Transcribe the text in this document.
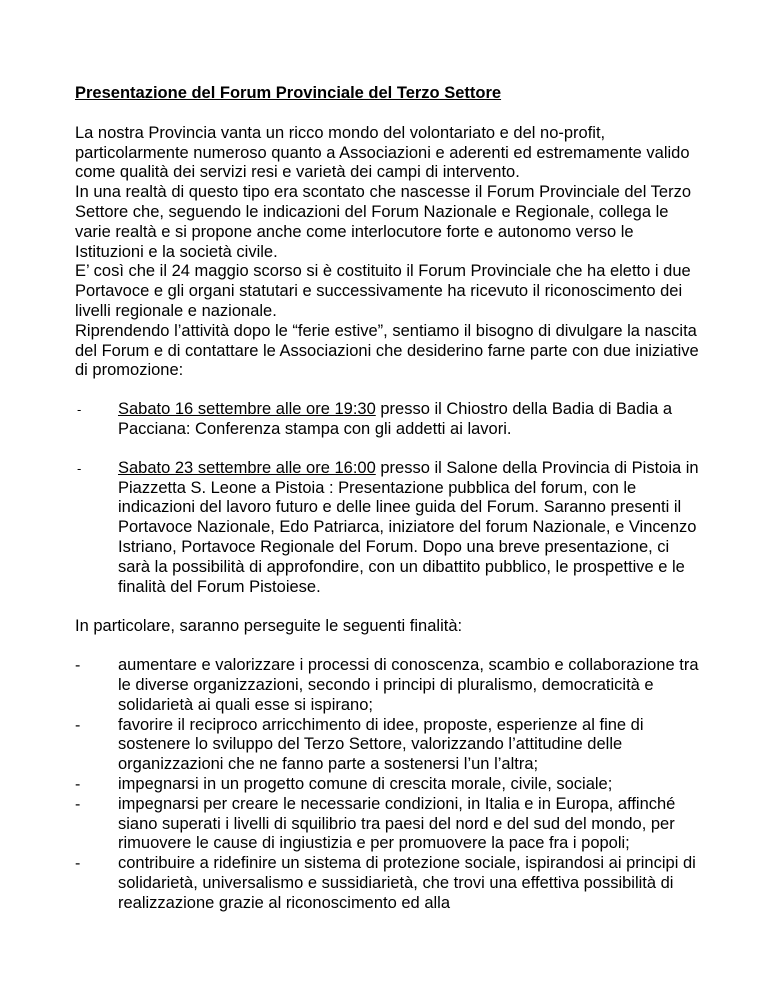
Presentazione del Forum Provinciale del Terzo Settore

La nostra Provincia vanta un ricco mondo del volontariato e del no-profit, particolarmente numeroso quanto a Associazioni e aderenti ed estremamente valido come qualità dei servizi resi e varietà dei campi di intervento.

In una realtà di questo tipo era scontato che nascesse il Forum Provinciale del Terzo Settore che, seguendo le indicazioni del Forum Nazionale e Regionale, collega le varie realtà e si propone anche come interlocutore forte e autonomo verso le Istituzioni e la società civile.

E’ così che il 24 maggio scorso si è costituito il Forum Provinciale che ha eletto i due Portavoce e gli organi statutari e successivamente ha ricevuto il riconoscimento dei livelli regionale e nazionale.

Riprendendo l’attività dopo le “ferie estive”, sentiamo il bisogno di divulgare la nascita del Forum e di contattare le Associazioni che desiderino farne parte con due iniziative di promozione:

- Sabato 16 settembre alle ore 19:30 presso il Chiostro della Badia di Badia a Pacciana: Conferenza stampa con gli addetti ai lavori.
- Sabato 23 settembre alle ore 16:00 presso il Salone della Provincia di Pistoia in Piazzetta S. Leone a Pistoia : Presentazione pubblica del forum, con le indicazioni del lavoro futuro e delle linee guida del Forum. Saranno presenti il Portavoce Nazionale, Edo Patriarca, iniziatore del forum Nazionale, e Vincenzo Istriano, Portavoce Regionale del Forum. Dopo una breve presentazione, ci sarà la possibilità di approfondire, con un dibattito pubblico, le prospettive e le finalità del Forum Pistoiese.

In particolare, saranno perseguite le seguenti finalità:

- aumentare e valorizzare i processi di conoscenza, scambio e collaborazione tra le diverse organizzazioni, secondo i principi di pluralismo, democraticità e solidarietà ai quali esse si ispirano;
- favorire il reciproco arricchimento di idee, proposte, esperienze al fine di sostenere lo sviluppo del Terzo Settore, valorizzando l’attitudine delle organizzazioni che ne fanno parte a sostenersi l’un l’altra;
- impegnarsi in un progetto comune di crescita morale, civile, sociale;
- impegnarsi per creare le necessarie condizioni, in Italia e in Europa, affinché siano superati i livelli di squilibrio tra paesi del nord e del sud del mondo, per rimuovere le cause di ingiustizia e per promuovere la pace fra i popoli;
- contribuire a ridefinire un sistema di protezione sociale, ispirandosi ai principi di solidarietà, universalismo e sussidiarietà, che trovi una effettiva possibilità di realizzazione grazie al riconoscimento ed alla
